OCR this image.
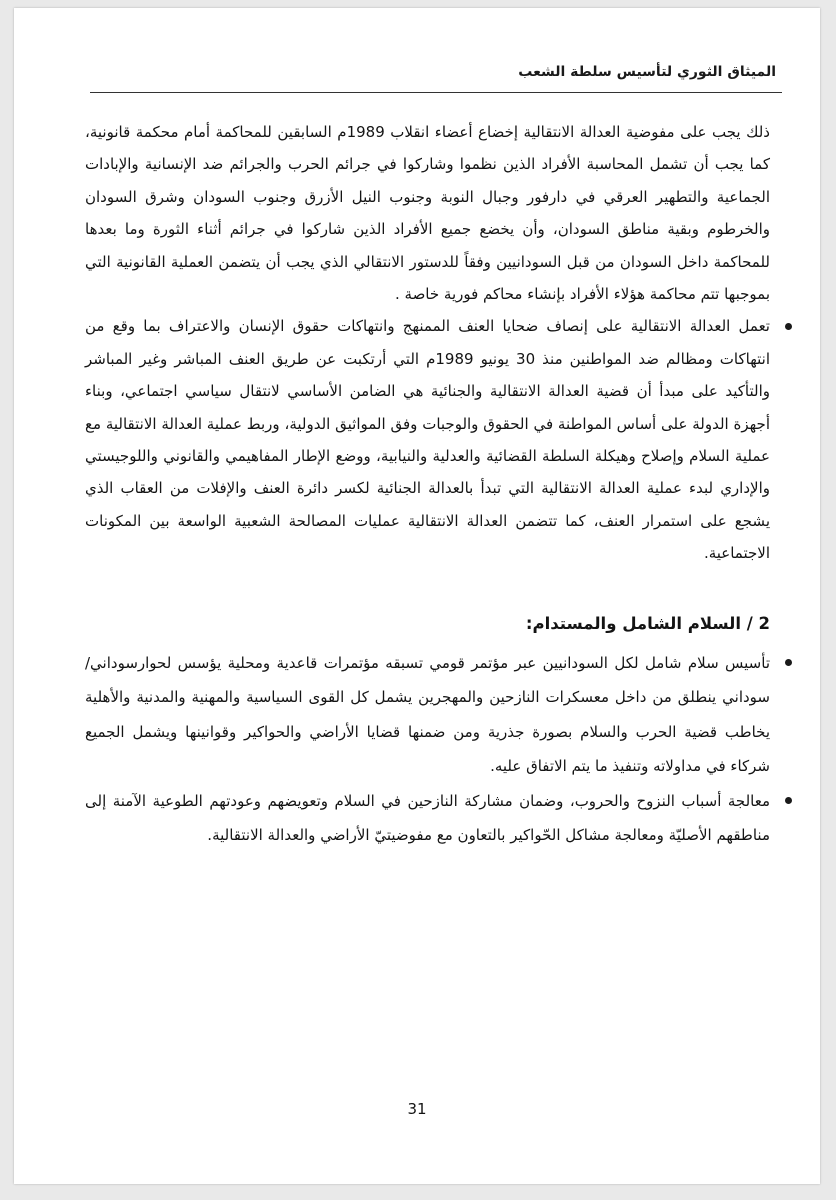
الميثاق الثوري لتأسيس سلطة الشعب

ذلك يجب على مفوضية العدالة الانتقالية إخضاع أعضاء انقلاب 1989م السابقين للمحاكمة أمام محكمة قانونية، كما يجب أن تشمل المحاسبة الأفراد الذين نظموا وشاركوا في جرائم الحرب والجرائم ضد الإنسانية والإبادات الجماعية والتطهير العرقي في دارفور وجبال النوبة وجنوب النيل الأزرق وجنوب السودان وشرق السودان والخرطوم وبقية مناطق السودان، وأن يخضع جميع الأفراد الذين شاركوا في جرائم أثناء الثورة وما بعدها للمحاكمة داخل السودان من قبل السودانيين وفقاً للدستور الانتقالي الذي يجب أن يتضمن العملية القانونية التي بموجبها تتم محاكمة هؤلاء الأفراد بإنشاء محاكم فورية خاصة .

تعمل العدالة الانتقالية على إنصاف ضحايا العنف الممنهج وانتهاكات حقوق الإنسان والاعتراف بما وقع من انتهاكات ومظالم ضد المواطنين منذ 30 يونيو 1989م التي أرتكبت عن طريق العنف المباشر وغير المباشر والتأكيد على مبدأ أن قضية العدالة الانتقالية والجنائية هي الضامن الأساسي لانتقال سياسي اجتماعي، وبناء أجهزة الدولة على أساس المواطنة في الحقوق والوجبات وفق المواثيق الدولية، وربط عملية العدالة الانتقالية مع عملية السلام وإصلاح وهيكلة السلطة القضائية والعدلية والنيابية، ووضع الإطار المفاهيمي والقانوني واللوجيستي والإداري لبدء عملية العدالة الانتقالية التي تبدأ بالعدالة الجنائية لكسر دائرة العنف والإفلات من العقاب الذي يشجع على استمرار العنف، كما تتضمن العدالة الانتقالية عمليات المصالحة الشعبية الواسعة بين المكونات الاجتماعية.
2 / السلام الشامل والمستدام:
تأسيس سلام شامل لكل السودانيين عبر مؤتمر قومي تسبقه مؤتمرات قاعدية ومحلية يؤسس لحوارسوداني/سوداني ينطلق من داخل معسكرات النازحين والمهجرين يشمل كل القوى السياسية والمهنية والمدنية والأهلية يخاطب قضية الحرب والسلام بصورة جذرية ومن ضمنها قضايا الأراضي والحواكير وقوانينها ويشمل الجميع شركاء في مداولاته وتنفيذ ما يتم الاتفاق عليه.
معالجة أسباب النزوح والحروب، وضمان مشاركة النازحين في السلام وتعويضهم وعودتهم الطوعية الآمنة إلى مناطقهم الأصليّة ومعالجة مشاكل الحّواكير بالتعاون مع مفوضيتيّ الأراضي والعدالة الانتقالية.
31
